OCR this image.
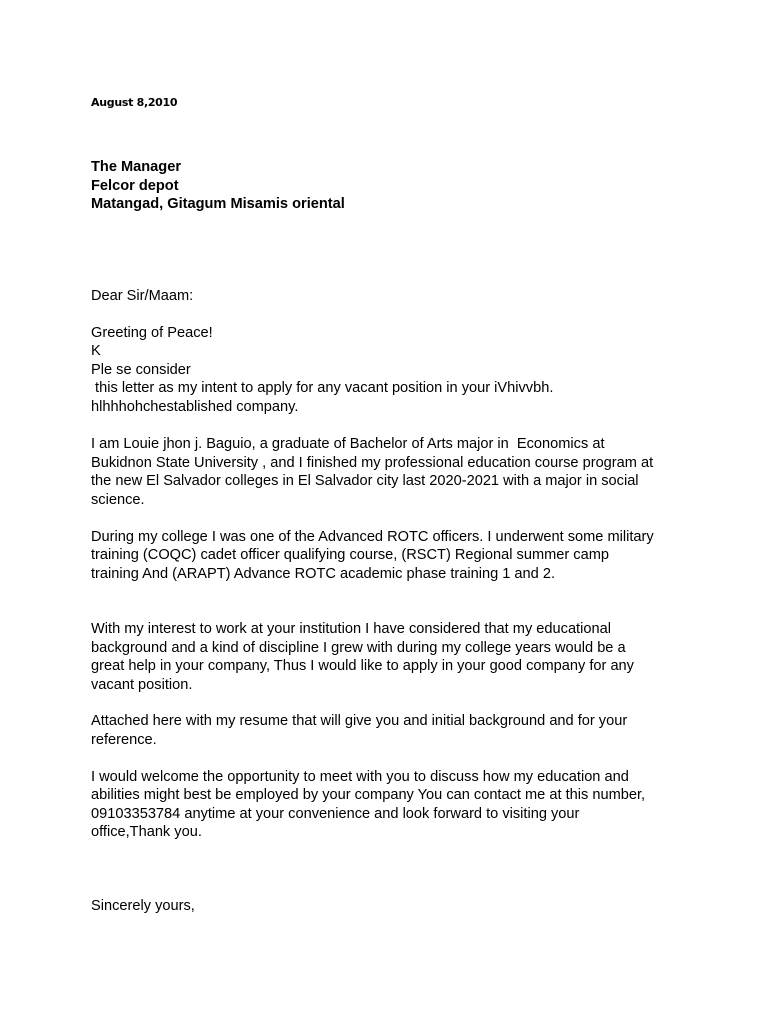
August 8,2010
The Manager
Felcor depot
Matangad, Gitagum Misamis oriental
Dear Sir/Maam:
Greeting of Peace!
K
Ple se consider
this letter as my intent to apply for any vacant position in your iVhivvbh.
hlhhhohchestablished company.
I am Louie jhon j. Baguio, a graduate of Bachelor of Arts major in  Economics at
Bukidnon State University , and I finished my professional education course program at
the new El Salvador colleges in El Salvador city last 2020-2021 with a major in social
science.
During my college I was one of the Advanced ROTC officers. I underwent some military
training (COQC) cadet officer qualifying course, (RSCT) Regional summer camp
training And (ARAPT) Advance ROTC academic phase training 1 and 2.
With my interest to work at your institution I have considered that my educational
background and a kind of discipline I grew with during my college years would be a
great help in your company, Thus I would like to apply in your good company for any
vacant position.
Attached here with my resume that will give you and initial background and for your
reference.
I would welcome the opportunity to meet with you to discuss how my education and
abilities might best be employed by your company You can contact me at this number,
09103353784 anytime at your convenience and look forward to visiting your
office,Thank you.
Sincerely yours,
